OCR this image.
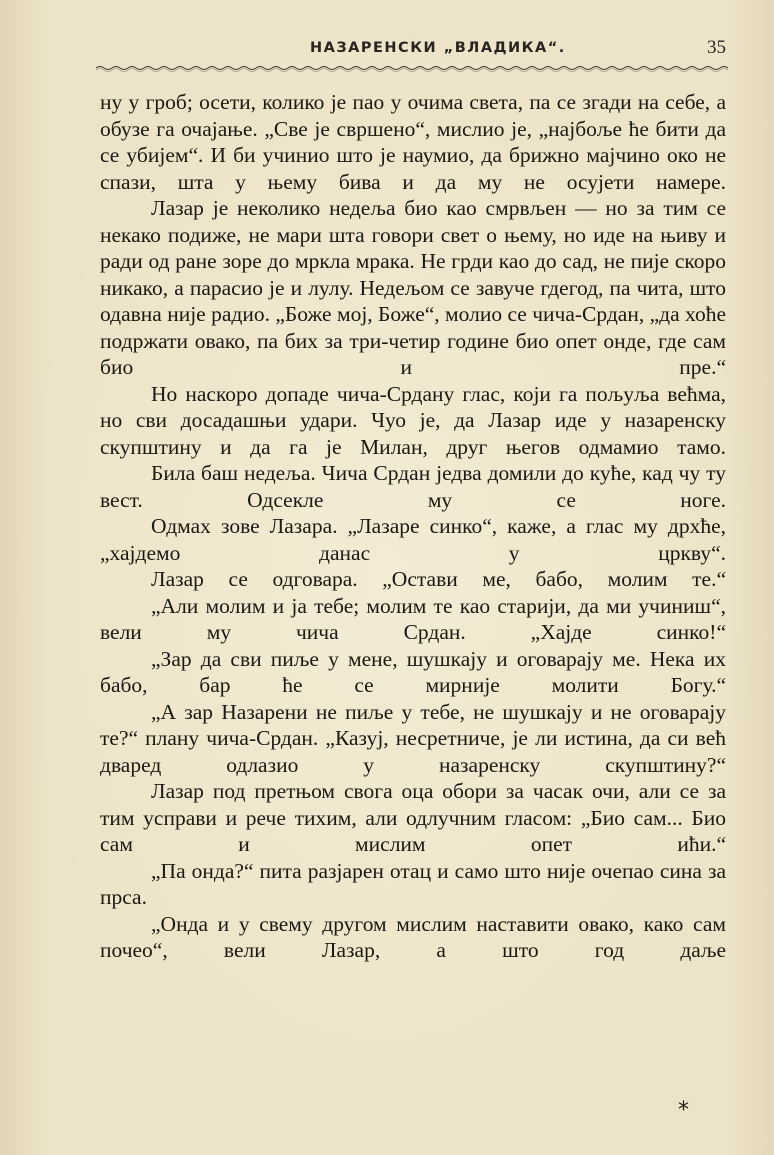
НАЗАРЕНСКИ „ВЛАДИКА“.	35

ну у гроб; осети, колико је пао у очима света, па се згади на себе, а обузе га очајање. „Све је свршено“, мислио је, „најбоље ће бити да се убијем“. И би учинио што је наумио, да брижно мајчино око не спази, шта у њему бива и да му не осујети намере.

Лазар је неколико недеља био као смрвљен — но за тим се некако подиже, не мари шта говори свет о њему, но иде на њиву и ради од ране зоре до мркла мрака. Не грди као до сад, не пије скоро никако, а парасио је и лулу. Недељом се завуче гдегод, па чита, што одавна није радио. „Боже мој, Боже“, молио се чича-Срдан, „да хоће подржати овако, па бих за три-четир године био опет онде, где сам био и пре.“

Но наскоро допаде чича-Срдану глас, који га пољуља већма, но сви досадашњи удари. Чуо је, да Лазар иде у назаренску скупштину и да га је Милан, друг његов одмамио тамо.

Била баш недеља. Чича Срдан једва домили до куће, кад чу ту вест. Одсекле му се ноге.

Одмах зове Лазара. „Лазаре синко“, каже, а глас му дрхће, „хајдемо данас у цркву“.

Лазар се одговара. „Остави ме, бабо, молим те.“

„Али молим и ја тебе; молим те као старији, да ми учиниш“, вели му чича Срдан. „Хајде синко!“

„Зар да сви пиље у мене, шушкају и оговарају ме. Нека их бабо, бар ће се мирније молити Богу.“

„А зар Назарени не пиље у тебе, не шушкају и не оговарају те?“ плану чича-Срдан. „Казуј, несретниче, је ли истина, да си већ дваред одлазио у назаренску скупштину?“

Лазар под претњом свога оца обори за часак очи, али се за тим усправи и рече тихим, али одлучним гласом: „Био сам... Био сам и мислим опет ићи.“

„Па онда?“ пита разјарен отац и само што није очепао сина за прса.

„Онда и у свему другом мислим наставити овако, како сам почео“, вели Лазар, а што год даље

*
